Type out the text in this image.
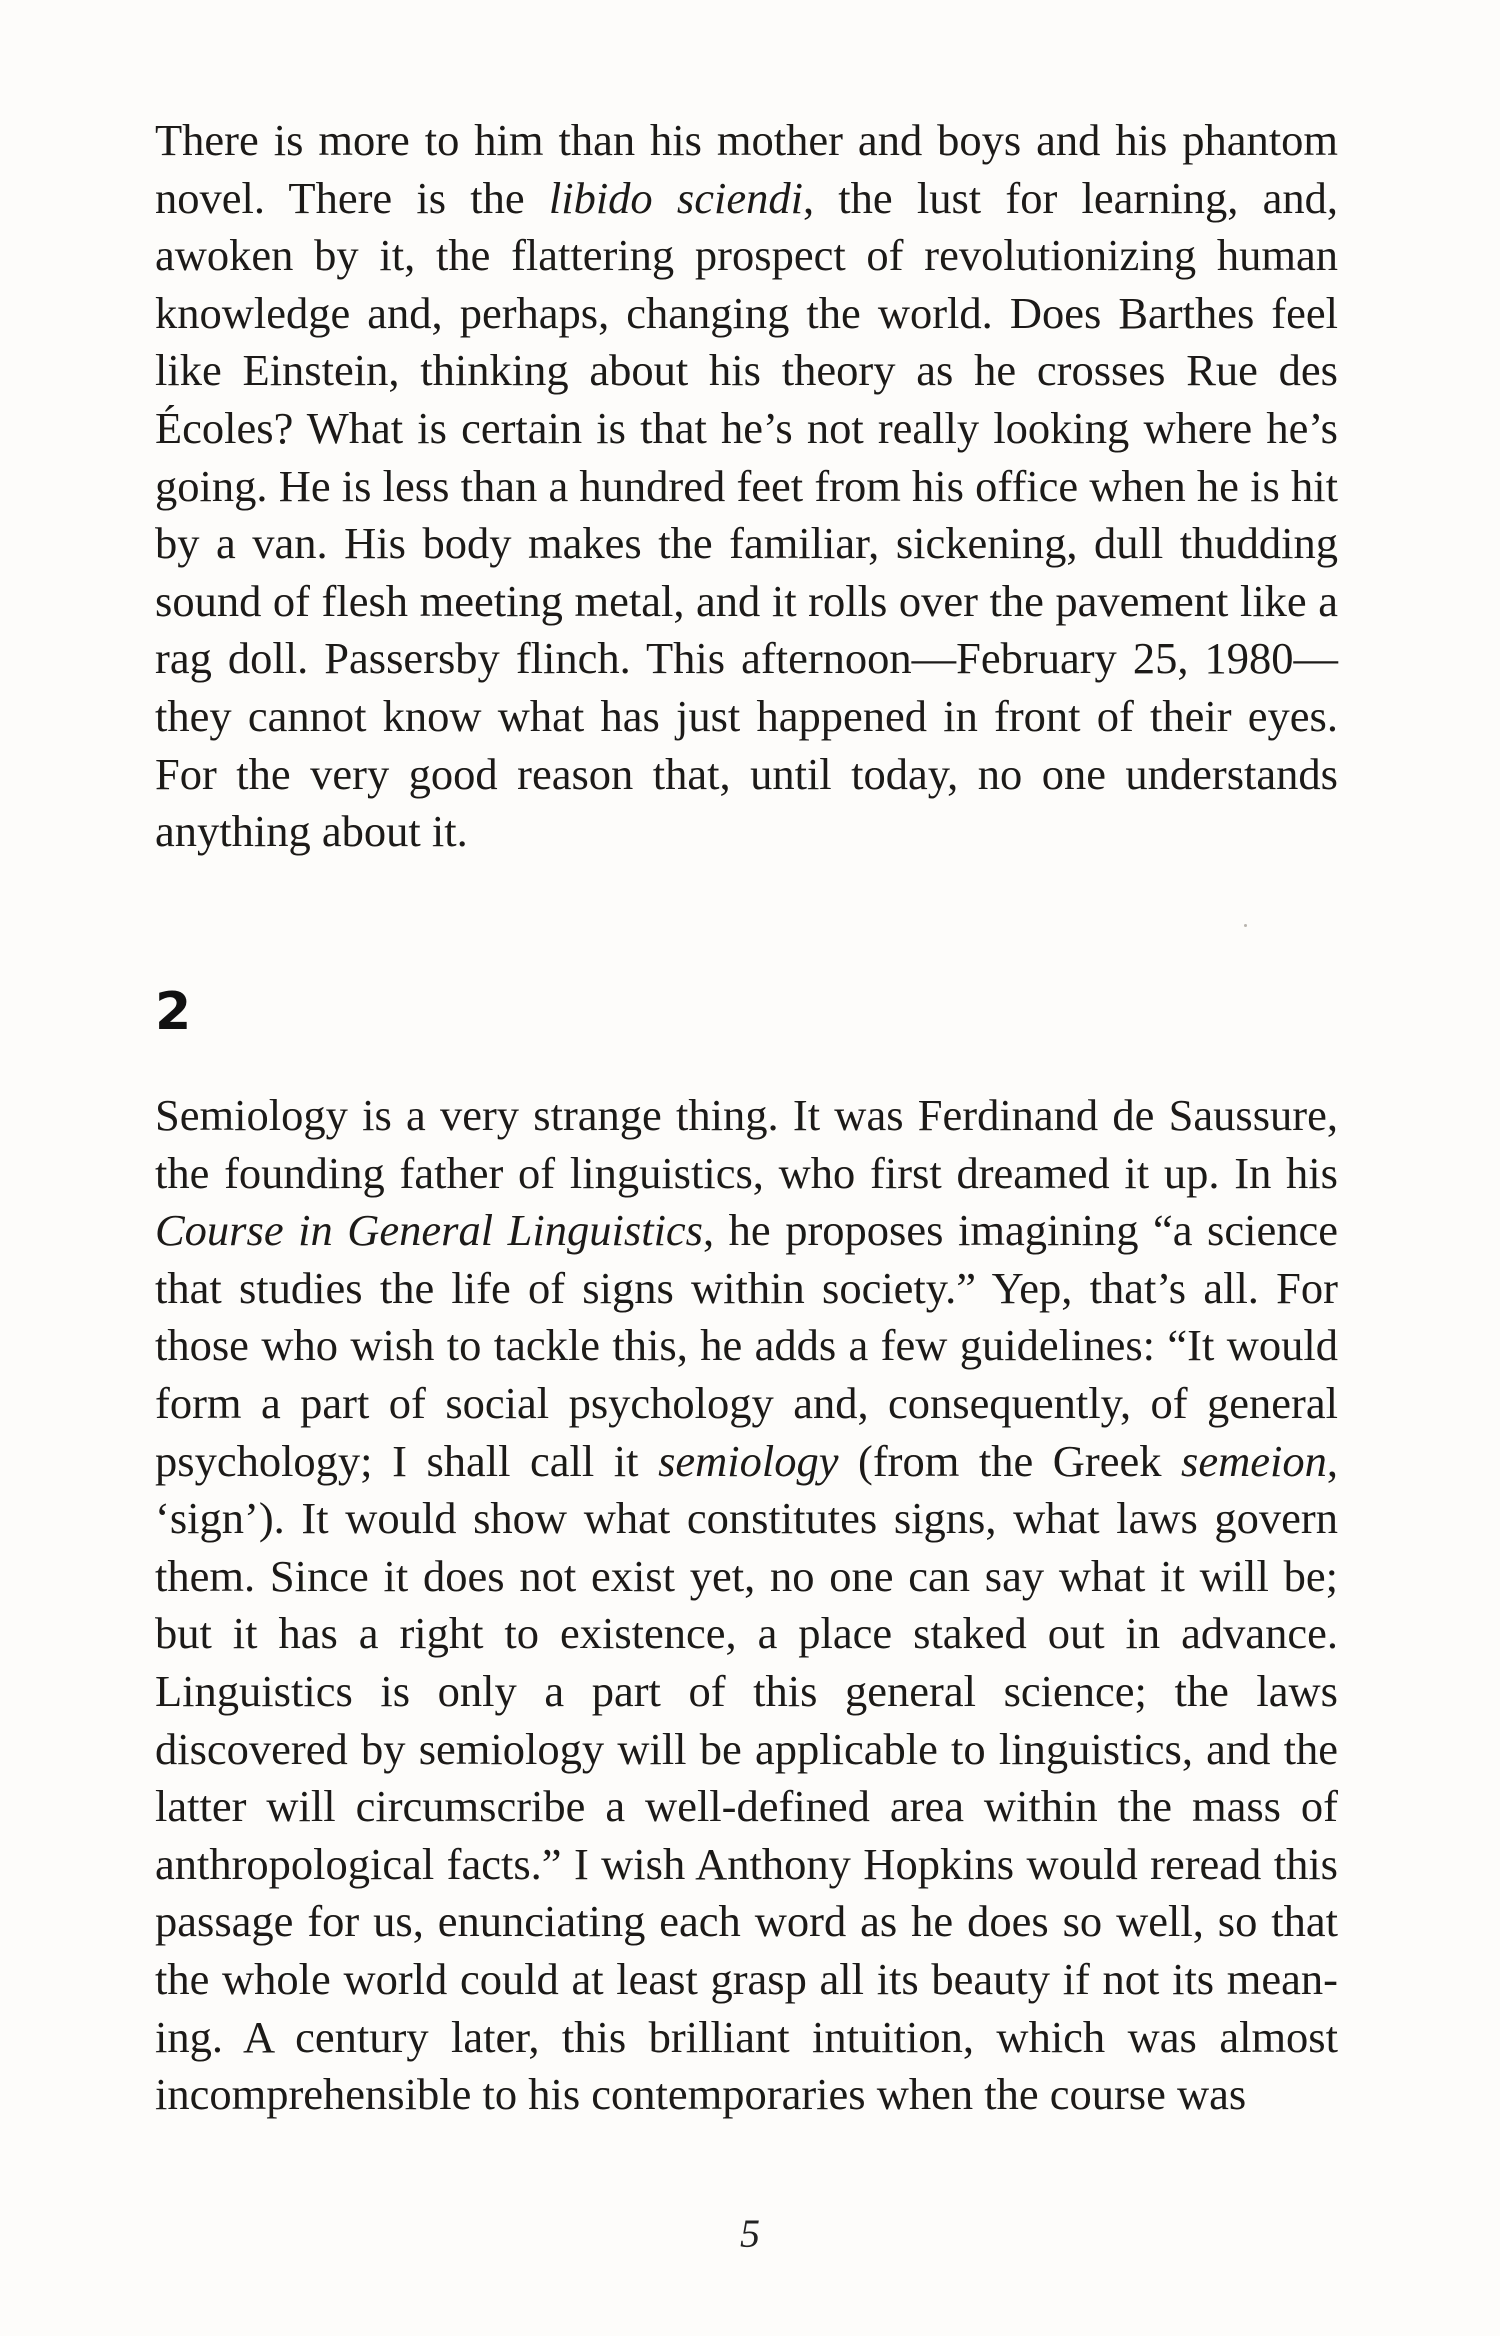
There is more to him than his mother and boys and his phantom novel. There is the libido sciendi, the lust for learning, and, awoken by it, the flattering prospect of revolutionizing human knowledge and, perhaps, changing the world. Does Barthes feel like Einstein, thinking about his theory as he crosses Rue des Écoles? What is certain is that he’s not really looking where he’s going. He is less than a hundred feet from his office when he is hit by a van. His body makes the familiar, sickening, dull thudding sound of flesh meeting metal, and it rolls over the pavement like a rag doll. Passersby flinch. This afternoon—February 25, 1980—they cannot know what has just happened in front of their eyes. For the very good reason that, until today, no one understands anything about it.

2

Semiology is a very strange thing. It was Ferdinand de Saussure, the founding father of linguistics, who first dreamed it up. In his Course in General Linguistics, he proposes imagining “a science that studies the life of signs within society.” Yep, that’s all. For those who wish to tackle this, he adds a few guidelines: “It would form a part of social psychology and, consequently, of general psychology; I shall call it semiology (from the Greek semeion, ‘sign’). It would show what constitutes signs, what laws govern them. Since it does not exist yet, no one can say what it will be; but it has a right to existence, a place staked out in advance. Linguistics is only a part of this general science; the laws discovered by semiology will be applicable to linguistics, and the latter will circumscribe a well-defined area within the mass of anthropological facts.” I wish Anthony Hopkins would reread this passage for us, enunciating each word as he does so well, so that the whole world could at least grasp all its beauty if not its meaning. A century later, this brilliant intuition, which was almost incomprehensible to his contemporaries when the course was

5
